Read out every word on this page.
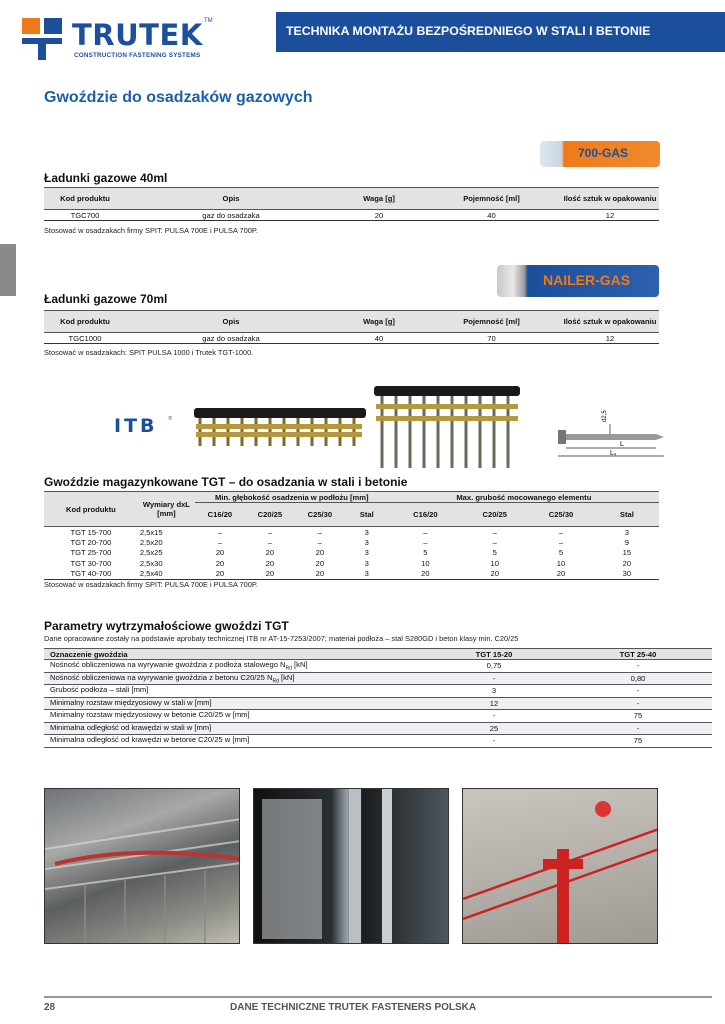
TRUTEK TM
CONSTRUCTION FASTENING SYSTEMS
TECHNIKA MONTAŻU BEZPOŚREDNIEGO W STALI I BETONIE
Gwoździe do osadzaków gazowych
700-GAS
Ładunki gazowe 40ml
Kod produktu	Opis	Waga [g]	Pojemność [ml]	Ilość sztuk w opakowaniu
TGC700	gaz do osadzaka	20	40	12
Stosować w osadzakach firmy SPIT: PULSA 700E i PULSA 700P.
NAILER-GAS
Ładunki gazowe 70ml
Kod produktu	Opis	Waga [g]	Pojemność [ml]	Ilość sztuk w opakowaniu
TGC1000	gaz do osadzaka	40	70	12
Stosować w osadzakach: SPIT PULSA 1000 i Trutek TGT-1000.
ITB ®	d2,5
L
Lₛ
Gwoździe magazynkowane TGT – do osadzania w stali i betonie
Kod produktu	Wymiary dxL [mm]	Min. głębokość osadzenia w podłożu [mm]				Max. grubość mocowanego elementu			
		C16/20	C20/25	C25/30	Stal	C16/20	C20/25	C25/30	Stal
TGT 15-700	2,5x15	–	–	–	3	–	–	–	3
TGT 20-700	2,5x20	–	–	–	3	–	–	–	9
TGT 25-700	2,5x25	20	20	20	3	5	5	5	15
TGT 30-700	2,5x30	20	20	20	3	10	10	10	20
TGT 40-700	2,5x40	20	20	20	3	20	20	20	30
Stosować w osadzakach firmy SPIT: PULSA 700E i PULSA 700P.
Parametry wytrzymałościowe gwoździ TGT
Dane opracowane zostały na podstawie aprobaty technicznej ITB nr AT-15-7253/2007; materiał podłoża – stal S280GD i beton klasy min. C20/25
Oznaczenie gwoździa	TGT 15-20	TGT 25-40
Nośność obliczeniowa na wyrywanie gwoździa z podłoża stalowego $N_{Rd}$ [kN]	0,75	-
Nośność obliczeniowa na wyrywanie gwoździa z betonu C20/25 $N_{Rd}$ [kN]	-	0,80
Grubość podłoża – stali [mm]	3	-
Minimalny rozstaw międzyosiowy w stali w [mm]	12	-
Minimalny rozstaw międzyosiowy w betonie C20/25 w [mm]	-	75
Minimalna odległość od krawędzi w stali w [mm]	25	-
Minimalna odległość od krawędzi w betonie C20/25 w [mm]	-	75
28	DANE TECHNICZNE TRUTEK FASTENERS POLSKA
